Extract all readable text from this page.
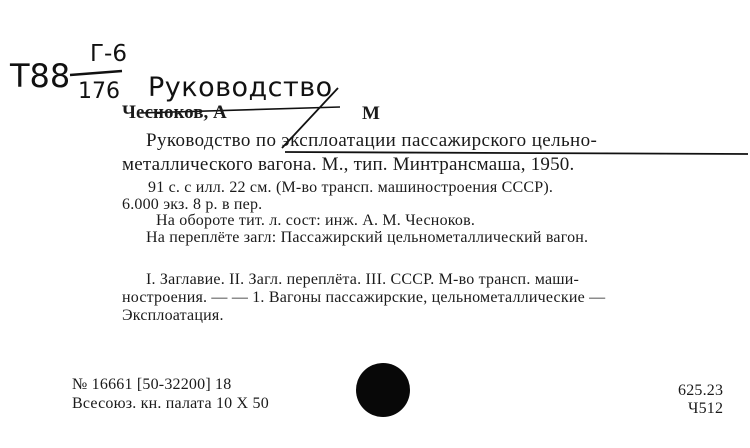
Т88
Г-6
176 Руководство
Чесноков, А	М
Руководство по эксплоатации пассажирского цельно-
металлического вагона. М., тип. Минтрансмаша, 1950.
91 с. с илл. 22 см. (М-во трансп. машиностроения СССР).
6.000 экз. 8 р. в пер.
На обороте тит. л. сост: инж. А. М. Чесноков.
На переплёте загл: Пассажирский цельнометаллический вагон.
I. Заглавие. II. Загл. переплёта. III. СССР. М-во трансп. маши-
ностроения. — — 1. Вагоны пассажирские, цельнометаллические —
Эксплоатация.
№ 16661 [50-32200] 18
Всесоюз. кн. палата 10 X 50
625.23
Ч512
